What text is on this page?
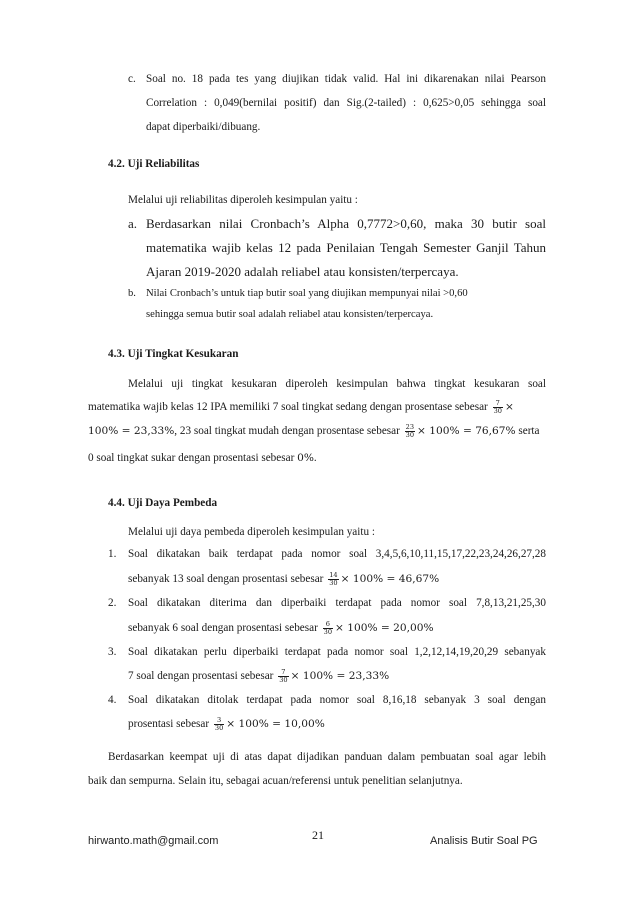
c. Soal no. 18 pada tes yang diujikan tidak valid. Hal ini dikarenakan nilai Pearson
Correlation : 0,049(bernilai positif) dan Sig.(2-tailed) : 0,625>0,05 sehingga soal
dapat diperbaiki/dibuang.
4.2. Uji Reliabilitas
Melalui uji reliabilitas diperoleh kesimpulan yaitu :
a. Berdasarkan nilai Cronbach’s Alpha 0,7772>0,60, maka 30 butir soal
matematika wajib kelas 12 pada Penilaian Tengah Semester Ganjil Tahun
Ajaran 2019-2020 adalah reliabel atau konsisten/terpercaya.
b. Nilai Cronbach’s untuk tiap butir soal yang diujikan mempunyai nilai >0,60
sehingga semua butir soal adalah reliabel atau konsisten/terpercaya.
4.3. Uji Tingkat Kesukaran
Melalui uji tingkat kesukaran diperoleh kesimpulan bahwa tingkat kesukaran soal
matematika wajib kelas 12 IPA memiliki 7 soal tingkat sedang dengan prosentase sebesar $\frac{7}{30}$ ×
100% = 23,33%, 23 soal tingkat mudah dengan prosentase sebesar $\frac{23}{30} \times 100\% = 76,67\%$ serta
0 soal tingkat sukar dengan prosentasi sebesar 0%.
4.4. Uji Daya Pembeda
Melalui uji daya pembeda diperoleh kesimpulan yaitu :
1. Soal dikatakan baik terdapat pada nomor soal 3,4,5,6,10,11,15,17,22,23,24,26,27,28
sebanyak 13 soal dengan prosentasi sebesar $\frac{14}{30} \times 100\% = 46,67\%$
2. Soal dikatakan diterima dan diperbaiki terdapat pada nomor soal 7,8,13,21,25,30
sebanyak 6 soal dengan prosentasi sebesar $\frac{6}{30} \times 100\% = 20,00\%$
3. Soal dikatakan perlu diperbaiki terdapat pada nomor soal 1,2,12,14,19,20,29 sebanyak
7 soal dengan prosentasi sebesar $\frac{7}{30} \times 100\% = 23,33\%$
4. Soal dikatakan ditolak terdapat pada nomor soal 8,16,18 sebanyak 3 soal dengan
prosentasi sebesar $\frac{3}{30} \times 100\% = 10,00\%$
Berdasarkan keempat uji di atas dapat dijadikan panduan dalam pembuatan soal agar lebih
baik dan sempurna. Selain itu, sebagai acuan/referensi untuk penelitian selanjutnya.
hirwanto.math@gmail.com	21	Analisis Butir Soal PG
